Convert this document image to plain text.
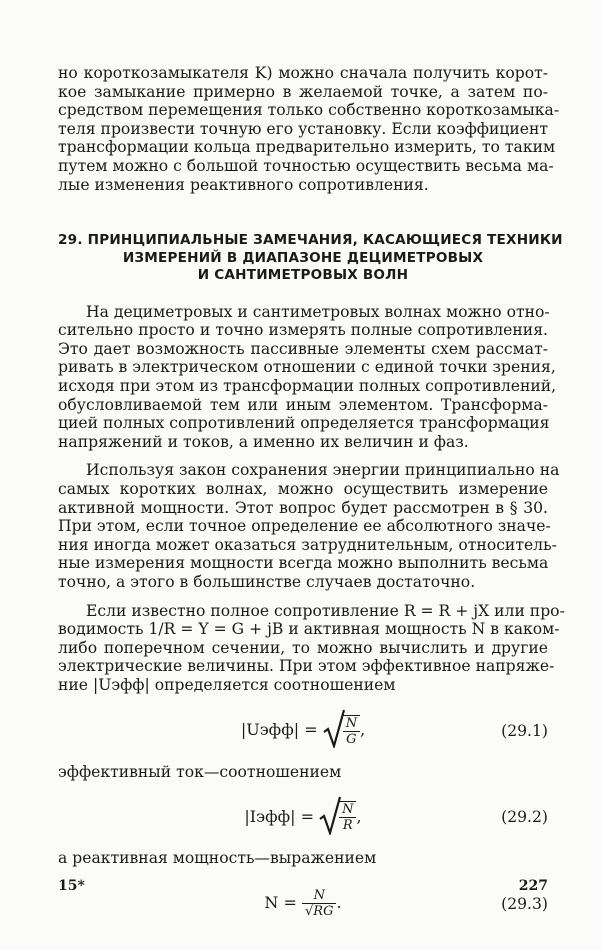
но короткозамыкателя K) можно сначала получить корот-
кое замыкание примерно в желаемой точке, а затем по-
средством перемещения только собственно короткозамыка-
теля произвести точную его установку. Если коэффициент
трансформации кольца предварительно измерить, то таким
путем можно с большой точностью осуществить весьма ма-
лые изменения реактивного сопротивления.

29. ПРИНЦИПИАЛЬНЫЕ ЗАМЕЧАНИЯ, КАСАЮЩИЕСЯ ТЕХНИКИ
ИЗМЕРЕНИЙ В ДИАПАЗОНЕ ДЕЦИМЕТРОВЫХ
И САНТИМЕТРОВЫХ ВОЛН

На дециметровых и сантиметровых волнах можно отно-
сительно просто и точно измерять полные сопротивления.
Это дает возможность пассивные элементы схем рассмат-
ривать в электрическом отношении с единой точки зрения,
исходя при этом из трансформации полных сопротивлений,
обусловливаемой тем или иным элементом. Трансформа-
цией полных сопротивлений определяется трансформация
напряжений и токов, а именно их величин и фаз.

Используя закон сохранения энергии принципиально на
самых коротких волнах, можно осуществить измерение
активной мощности. Этот вопрос будет рассмотрен в § 30.
При этом, если точное определение ее абсолютного значе-
ния иногда может оказаться затруднительным, относитель-
ные измерения мощности всегда можно выполнить весьма
точно, а этого в большинстве случаев достаточно.

Если известно полное сопротивление R = R + jX или про-
водимость 1/R = Y = G + jB и активная мощность N в каком-
либо поперечном сечении, то можно вычислить и другие
электрические величины. При этом эффективное напряже-
ние |Uэфф| определяется соотношением

|Uэфф| = $\frac{N}{G}$ ,	(29.1)

эффективный ток—соотношением

|Iэфф| = $\frac{N}{R}$ ,	(29.2)

а реактивная мощность—выражением

$N = \frac{N}{√RG}$ .	(29.3)
15*	227
